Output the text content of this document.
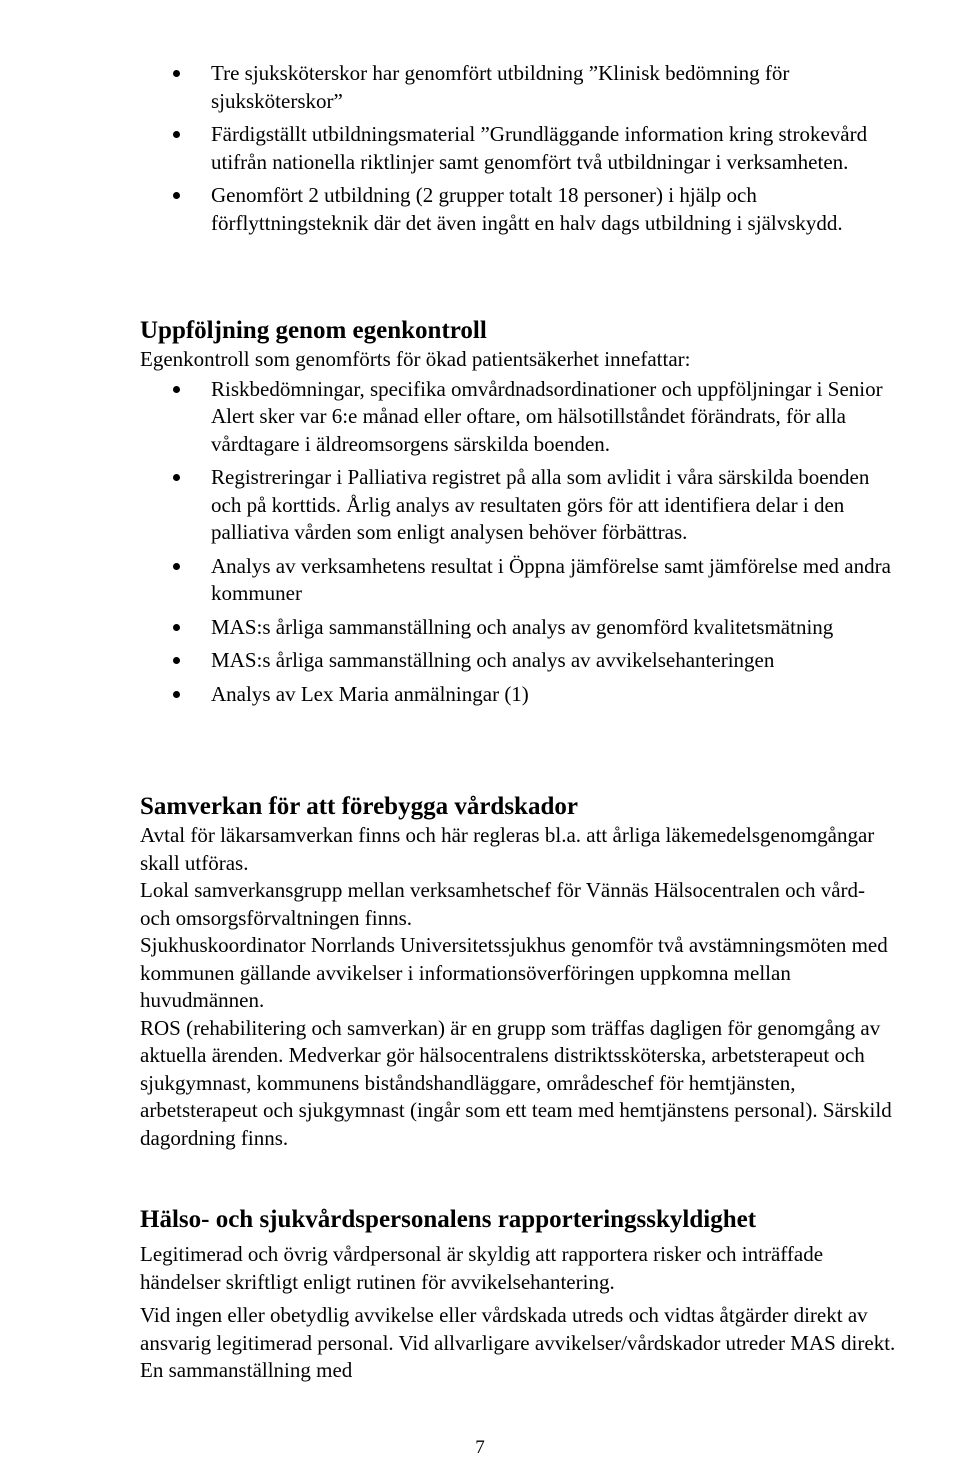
Tre sjuksköterskor har genomfört utbildning ”Klinisk bedömning för sjuksköterskor”
Färdigställt utbildningsmaterial ”Grundläggande information kring strokevård utifrån nationella riktlinjer samt genomfört två utbildningar i verksamheten.
Genomfört 2 utbildning (2 grupper totalt 18 personer) i hjälp och förflyttningsteknik där det även ingått en halv dags utbildning i självskydd.
Uppföljning genom egenkontroll

Egenkontroll som genomförts för ökad patientsäkerhet innefattar:

Riskbedömningar, specifika omvårdnadsordinationer och uppföljningar i Senior Alert sker var 6:e månad eller oftare, om hälsotillståndet förändrats, för alla vårdtagare i äldreomsorgens särskilda boenden.
Registreringar i Palliativa registret på alla som avlidit i våra särskilda boenden och på korttids. Årlig analys av resultaten görs för att identifiera delar i den palliativa vården som enligt analysen behöver förbättras.
Analys av verksamhetens resultat i Öppna jämförelse samt jämförelse med andra kommuner
MAS:s årliga sammanställning och analys av genomförd kvalitetsmätning
MAS:s årliga sammanställning och analys av avvikelsehanteringen
Analys av Lex Maria anmälningar (1)
Samverkan för att förebygga vårdskador

Avtal för läkarsamverkan finns och här regleras bl.a. att årliga läkemedelsgenomgångar skall utföras.

Lokal samverkansgrupp mellan verksamhetschef för Vännäs Hälsocentralen och vård- och omsorgsförvaltningen finns.

Sjukhuskoordinator Norrlands Universitetssjukhus genomför två avstämningsmöten med kommunen gällande avvikelser i informationsöverföringen uppkomna mellan huvudmännen.

ROS (rehabilitering och samverkan) är en grupp som träffas dagligen för genomgång av aktuella ärenden. Medverkar gör hälsocentralens distriktssköterska, arbetsterapeut och sjukgymnast, kommunens biståndshandläggare, områdeschef för hemtjänsten, arbetsterapeut och sjukgymnast (ingår som ett team med hemtjänstens personal). Särskild dagordning finns.

Hälso- och sjukvårdspersonalens rapporteringsskyldighet

Legitimerad och övrig vårdpersonal är skyldig att rapportera risker och inträffade händelser skriftligt enligt rutinen för avvikelsehantering.

Vid ingen eller obetydlig avvikelse eller vårdskada utreds och vidtas åtgärder direkt av ansvarig legitimerad personal. Vid allvarligare avvikelser/vårdskador utreder MAS direkt. En sammanställning med

7
